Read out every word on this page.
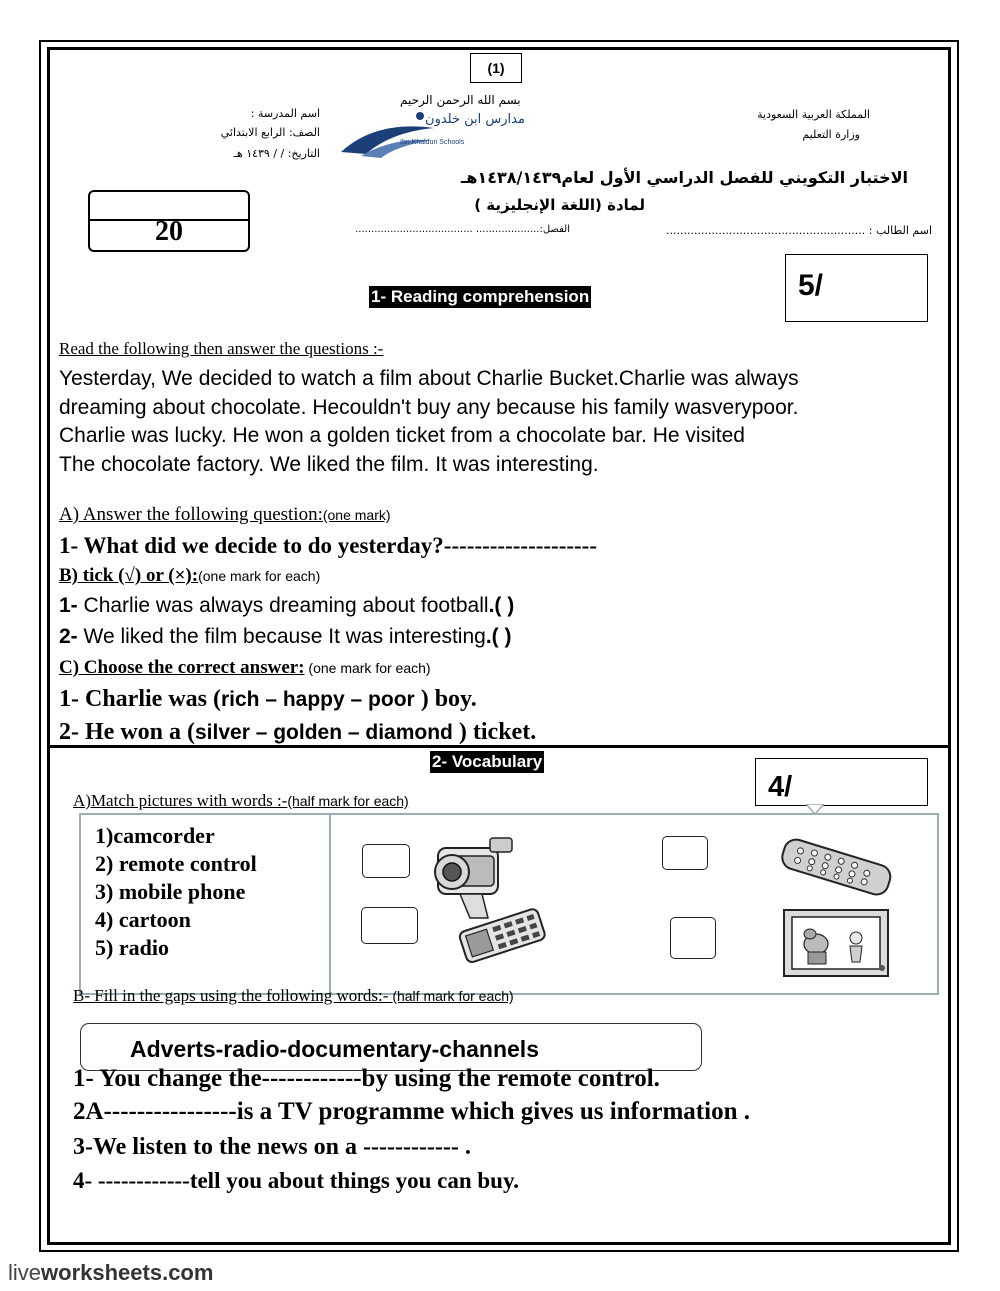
(1)
بسم الله الرحمن الرحيم
المملكة العربية السعودية
وزارة التعليم
اسم المدرسة :
الصف: الرابع الابتدائي
التاريخ: / / ١٤٣٩ هـ
مدارس ابن خلدون
Ibn Khaldun Schools
الاختبار التكويني للفصل الدراسي الأول لعام١٤٣٨/١٤٣٩هـ
لمادة (اللغة الإنجليزية )
اسم الطالب : .........................................................
الفصل:.................... .....................................
20
1- Reading comprehension	5/
Read the following then answer the questions :-
Yesterday, We decided to watch a film about Charlie Bucket.Charlie was always
dreaming about chocolate. Hecouldn't buy any because his family wasverypoor.
Charlie was lucky. He won a golden ticket from a chocolate bar. He visited
The chocolate factory. We liked the film. It was interesting.
A) Answer the following question:(one mark)
1- What did we decide to do yesterday?--------------------
B) tick (√) or (×):(one mark for each)
1- Charlie was always dreaming about football.( )
2- We liked the film because It was interesting.( )
C) Choose the correct answer: (one mark for each)
1- Charlie was (rich – happy – poor ) boy.
2- He won a (silver – golden – diamond ) ticket.
2- Vocabulary
4/
A)Match pictures with words :-(half mark for each)
1)camcorder
2) remote control
3) mobile phone
4) cartoon
5) radio
B- Fill in the gaps using the following words:- (half mark for each)
Adverts-radio-documentary-channels
1- You change the------------by using the remote control.
2A----------------is a TV programme which gives us information .
3-We listen to the news on a ------------ .
4- ------------tell you about things you can buy.
liveworksheets.com
